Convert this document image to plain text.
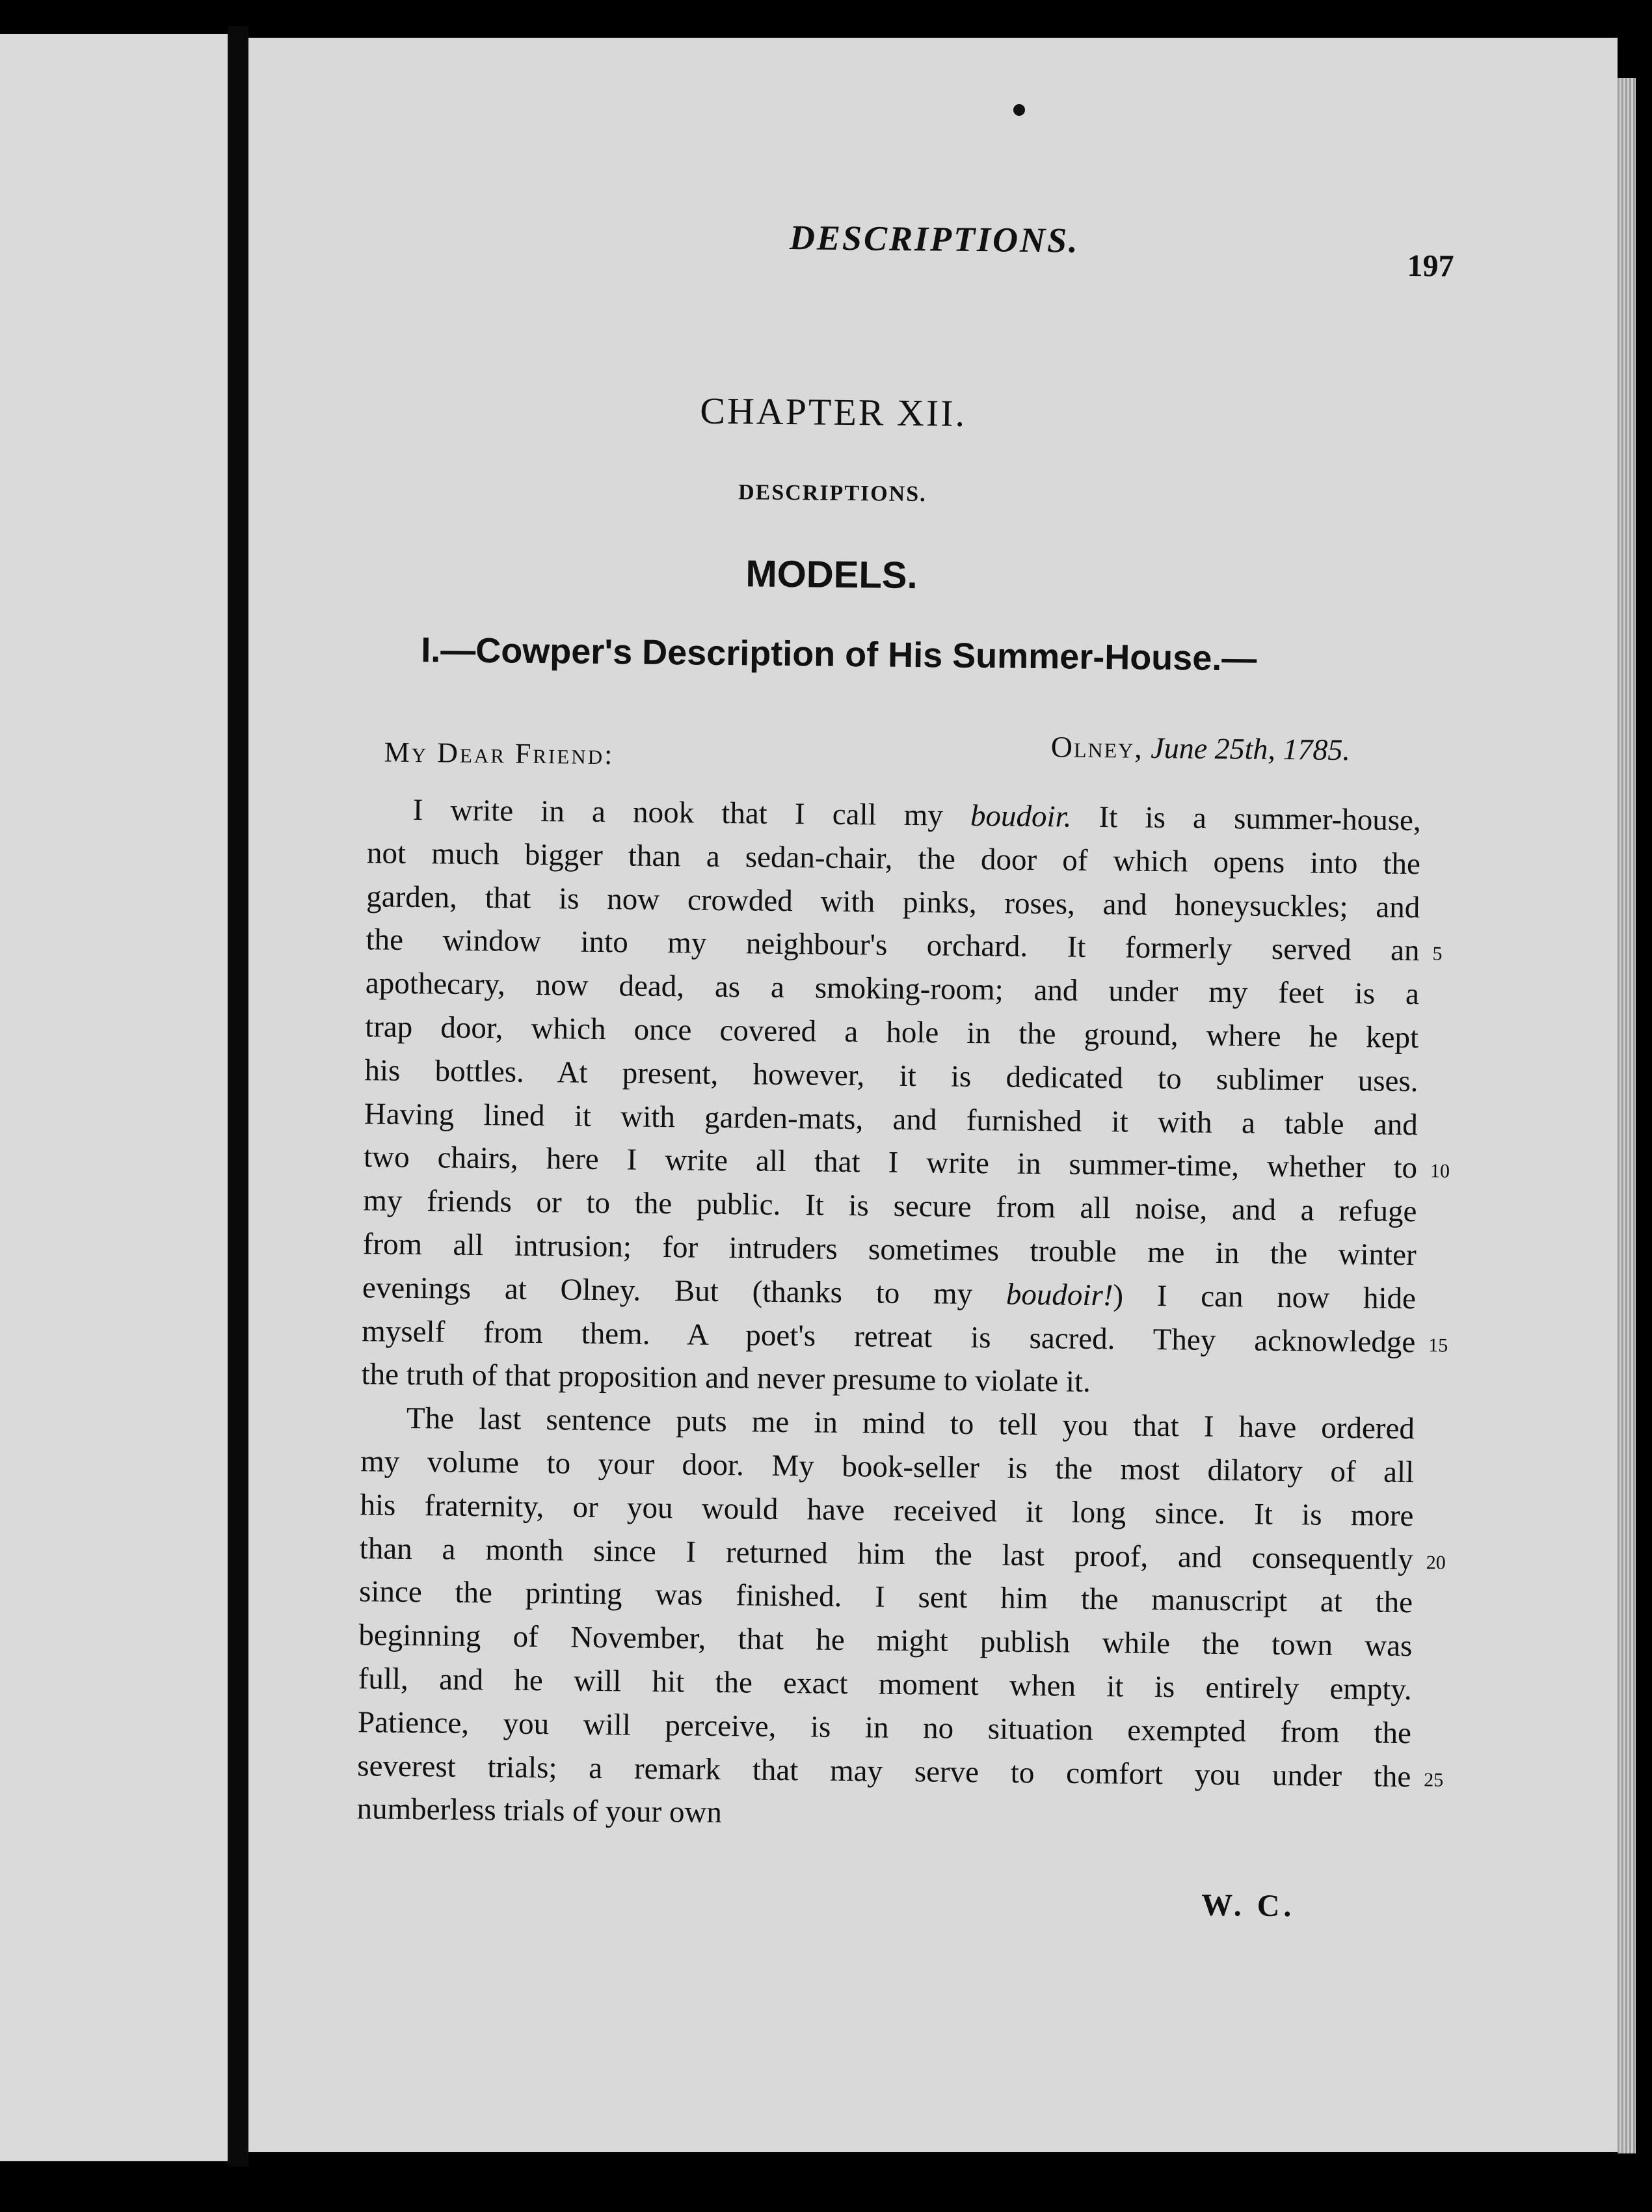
DESCRIPTIONS.
197
CHAPTER XII.
DESCRIPTIONS.
MODELS.
I.—Cowper's Description of His Summer-House.—
My Dear Friend:	Olney, June 25th, 1785.
I write in a nook that I call my boudoir. It is a summer-house,
not much bigger than a sedan-chair, the door of which opens into the
garden, that is now crowded with pinks, roses, and honeysuckles; and
the window into my neighbour's orchard. It formerly served an
apothecary, now dead, as a smoking-room; and under my feet is a
trap door, which once covered a hole in the ground, where he kept
his bottles. At present, however, it is dedicated to sublimer uses.
Having lined it with garden-mats, and furnished it with a table and
two chairs, here I write all that I write in summer-time, whether to
my friends or to the public. It is secure from all noise, and a refuge
from all intrusion; for intruders sometimes trouble me in the winter
evenings at Olney. But (thanks to my boudoir!) I can now hide
myself from them. A poet's retreat is sacred. They acknowledge
the truth of that proposition and never presume to violate it.
The last sentence puts me in mind to tell you that I have ordered
my volume to your door. My book-seller is the most dilatory of all
his fraternity, or you would have received it long since. It is more
than a month since I returned him the last proof, and consequently
since the printing was finished. I sent him the manuscript at the
beginning of November, that he might publish while the town was
full, and he will hit the exact moment when it is entirely empty.
Patience, you will perceive, is in no situation exempted from the
severest trials; a remark that may serve to comfort you under the
numberless trials of your own
5
10
15
20
25
W. C.
